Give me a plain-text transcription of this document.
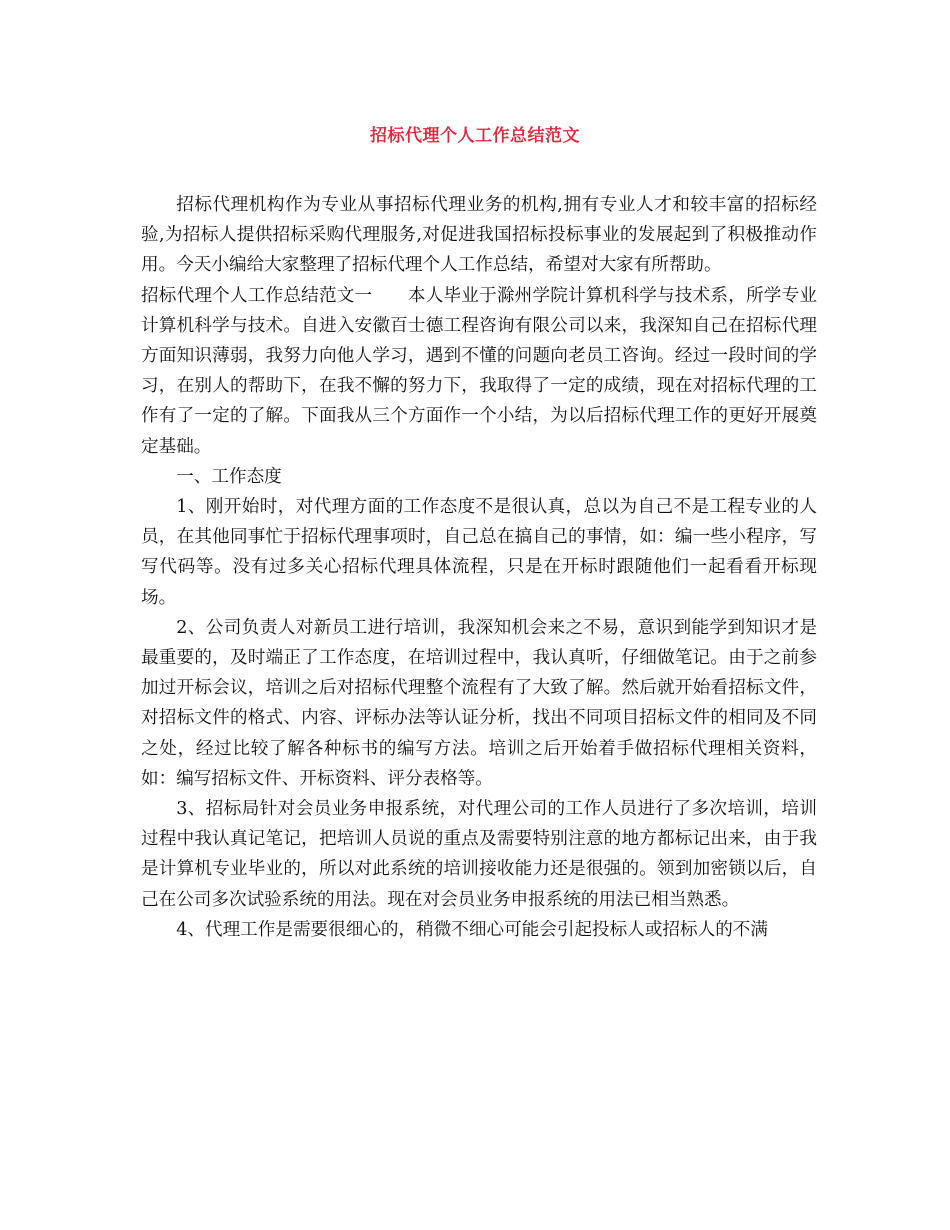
招标代理个人工作总结范文

招标代理机构作为专业从事招标代理业务的机构,拥有专业人才和较丰富的招标经验,为招标人提供招标采购代理服务,对促进我国招标投标事业的发展起到了积极推动作用。今天小编给大家整理了招标代理个人工作总结，希望对大家有所帮助。

招标代理个人工作总结范文一　　本人毕业于滁州学院计算机科学与技术系，所学专业计算机科学与技术。自进入安徽百士德工程咨询有限公司以来，我深知自己在招标代理方面知识薄弱，我努力向他人学习，遇到不懂的问题向老员工咨询。经过一段时间的学习，在别人的帮助下，在我不懈的努力下，我取得了一定的成绩，现在对招标代理的工作有了一定的了解。下面我从三个方面作一个小结，为以后招标代理工作的更好开展奠定基础。

一、工作态度

1、刚开始时，对代理方面的工作态度不是很认真，总以为自己不是工程专业的人员，在其他同事忙于招标代理事项时，自己总在搞自己的事情，如：编一些小程序，写写代码等。没有过多关心招标代理具体流程，只是在开标时跟随他们一起看看开标现场。

2、公司负责人对新员工进行培训，我深知机会来之不易，意识到能学到知识才是最重要的，及时端正了工作态度，在培训过程中，我认真听，仔细做笔记。由于之前参加过开标会议，培训之后对招标代理整个流程有了大致了解。然后就开始看招标文件，对招标文件的格式、内容、评标办法等认证分析，找出不同项目招标文件的相同及不同之处，经过比较了解各种标书的编写方法。培训之后开始着手做招标代理相关资料，如：编写招标文件、开标资料、评分表格等。

3、招标局针对会员业务申报系统，对代理公司的工作人员进行了多次培训，培训过程中我认真记笔记，把培训人员说的重点及需要特别注意的地方都标记出来，由于我是计算机专业毕业的，所以对此系统的培训接收能力还是很强的。领到加密锁以后，自己在公司多次试验系统的用法。现在对会员业务申报系统的用法已相当熟悉。

4、代理工作是需要很细心的，稍微不细心可能会引起投标人或招标人的不满
